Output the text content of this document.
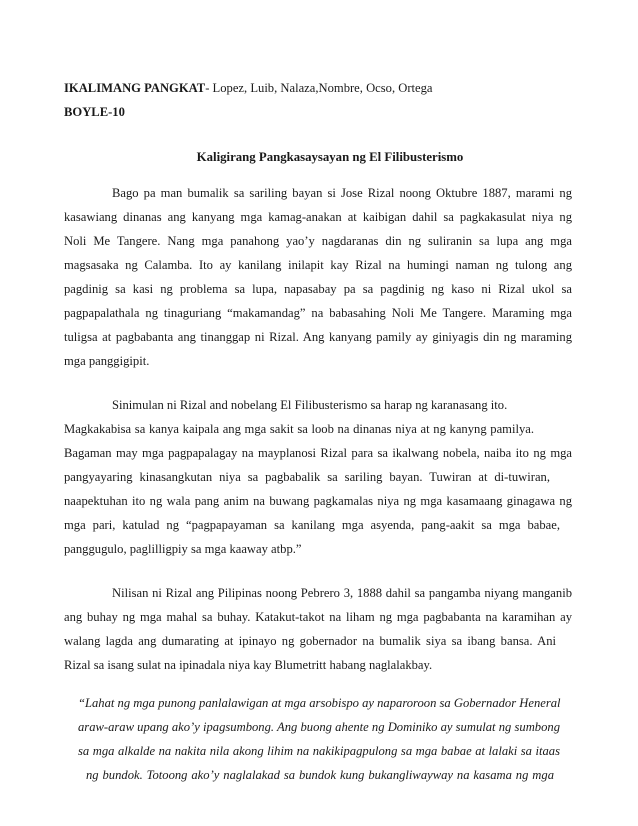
IKALIMANG PANGKAT- Lopez, Luib, Nalaza,Nombre, Ocso, Ortega
BOYLE-10
Kaligirang Pangkasaysayan ng El Filibusterismo
Bago pa man bumalik sa sariling bayan si Jose Rizal noong Oktubre 1887, marami ng
kasawiang dinanas ang kanyang mga kamag-anakan at kaibigan dahil sa pagkakasulat niya ng
Noli Me Tangere. Nang mga panahong yao’y nagdaranas din ng suliranin sa lupa ang mga
magsasaka ng Calamba. Ito ay kanilang inilapit kay Rizal na humingi naman ng tulong ang
pagdinig sa kasi ng problema sa lupa, napasabay pa sa pagdinig ng kaso ni Rizal ukol sa
pagpapalathala ng tinaguriang “makamandag” na babasahing Noli Me Tangere. Maraming mga
tuligsa at pagbabanta ang tinanggap ni Rizal. Ang kanyang pamily ay giniyagis din ng maraming
mga panggigipit.
Sinimulan ni Rizal and nobelang El Filibusterismo sa harap ng karanasang ito.
Magkakabisa sa kanya kaipala ang mga sakit sa loob na dinanas niya at ng kanyng pamilya.
Bagaman may mga pagpapalagay na mayplanosi Rizal para sa ikalwang nobela, naiba ito ng mga
pangyayaring kinasangkutan niya sa pagbabalik sa sariling bayan. Tuwiran at di-tuwiran,
naapektuhan ito ng wala pang anim na buwang pagkamalas niya ng mga kasamaang ginagawa ng
mga pari, katulad ng “pagpapayaman sa kanilang mga asyenda, pang-aakit sa mga babae,
panggugulo, paglilligpiy sa mga kaaway atbp.”
Nilisan ni Rizal ang Pilipinas noong Pebrero 3, 1888 dahil sa pangamba niyang manganib
ang buhay ng mga mahal sa buhay. Katakut-takot na liham ng mga pagbabanta na karamihan ay
walang lagda ang dumarating at ipinayo ng gobernador na bumalik siya sa ibang bansa. Ani
Rizal sa isang sulat na ipinadala niya kay Blumetritt habang naglalakbay.
“Lahat ng mga punong panlalawigan at mga arsobispo ay naparoroon sa Gobernador Heneral
araw-araw upang ako’y ipagsumbong. Ang buong ahente ng Dominiko ay sumulat ng sumbong
sa mga alkalde na nakita nila akong lihim na nakikipagpulong sa mga babae at lalaki sa itaas
ng bundok. Totoong ako’y naglalakad sa bundok kung bukangliwayway na kasama ng mga
